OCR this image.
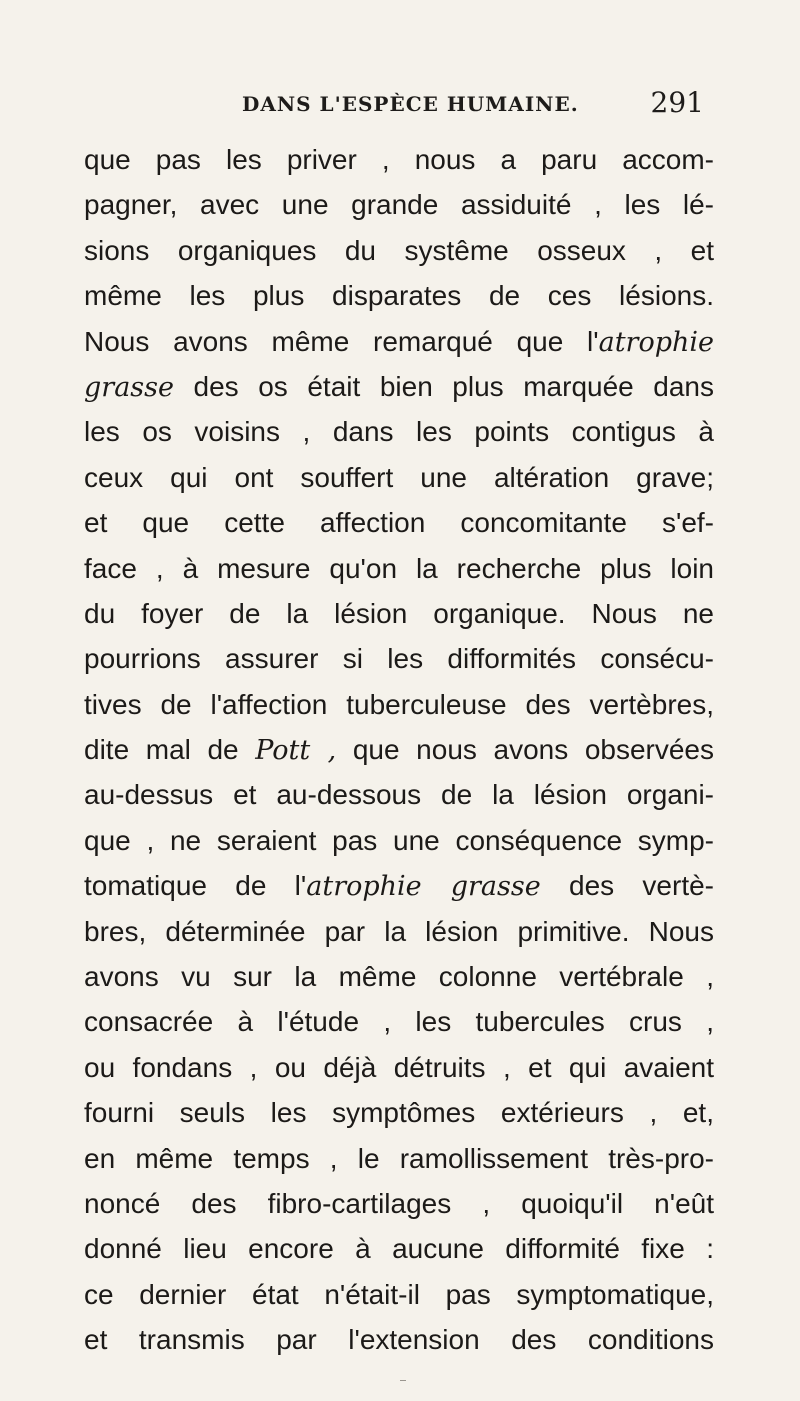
DANS L'ESPÈCE HUMAINE.	291
que pas les priver , nous a paru accom-
pagner, avec une grande assiduité , les lé-
sions organiques du systême osseux , et
même les plus disparates de ces lésions.
Nous avons même remarqué que l'atrophie
grasse des os était bien plus marquée dans
les os voisins , dans les points contigus à
ceux qui ont souffert une altération grave;
et que cette affection concomitante s'ef-
face , à mesure qu'on la recherche plus loin
du foyer de la lésion organique. Nous ne
pourrions assurer si les difformités consécu-
tives de l'affection tuberculeuse des vertèbres,
dite mal de Pott , que nous avons observées
au-dessus et au-dessous de la lésion organi-
que , ne seraient pas une conséquence symp-
tomatique de l'atrophie grasse des vertè-
bres, déterminée par la lésion primitive. Nous
avons vu sur la même colonne vertébrale ,
consacrée à l'étude , les tubercules crus ,
ou fondans , ou déjà détruits , et qui avaient
fourni seuls les symptômes extérieurs , et,
en même temps , le ramollissement très-pro-
noncé des fibro-cartilages , quoiqu'il n'eût
donné lieu encore à aucune difformité fixe :
ce dernier état n'était-il pas symptomatique,
et transmis par l'extension des conditions
